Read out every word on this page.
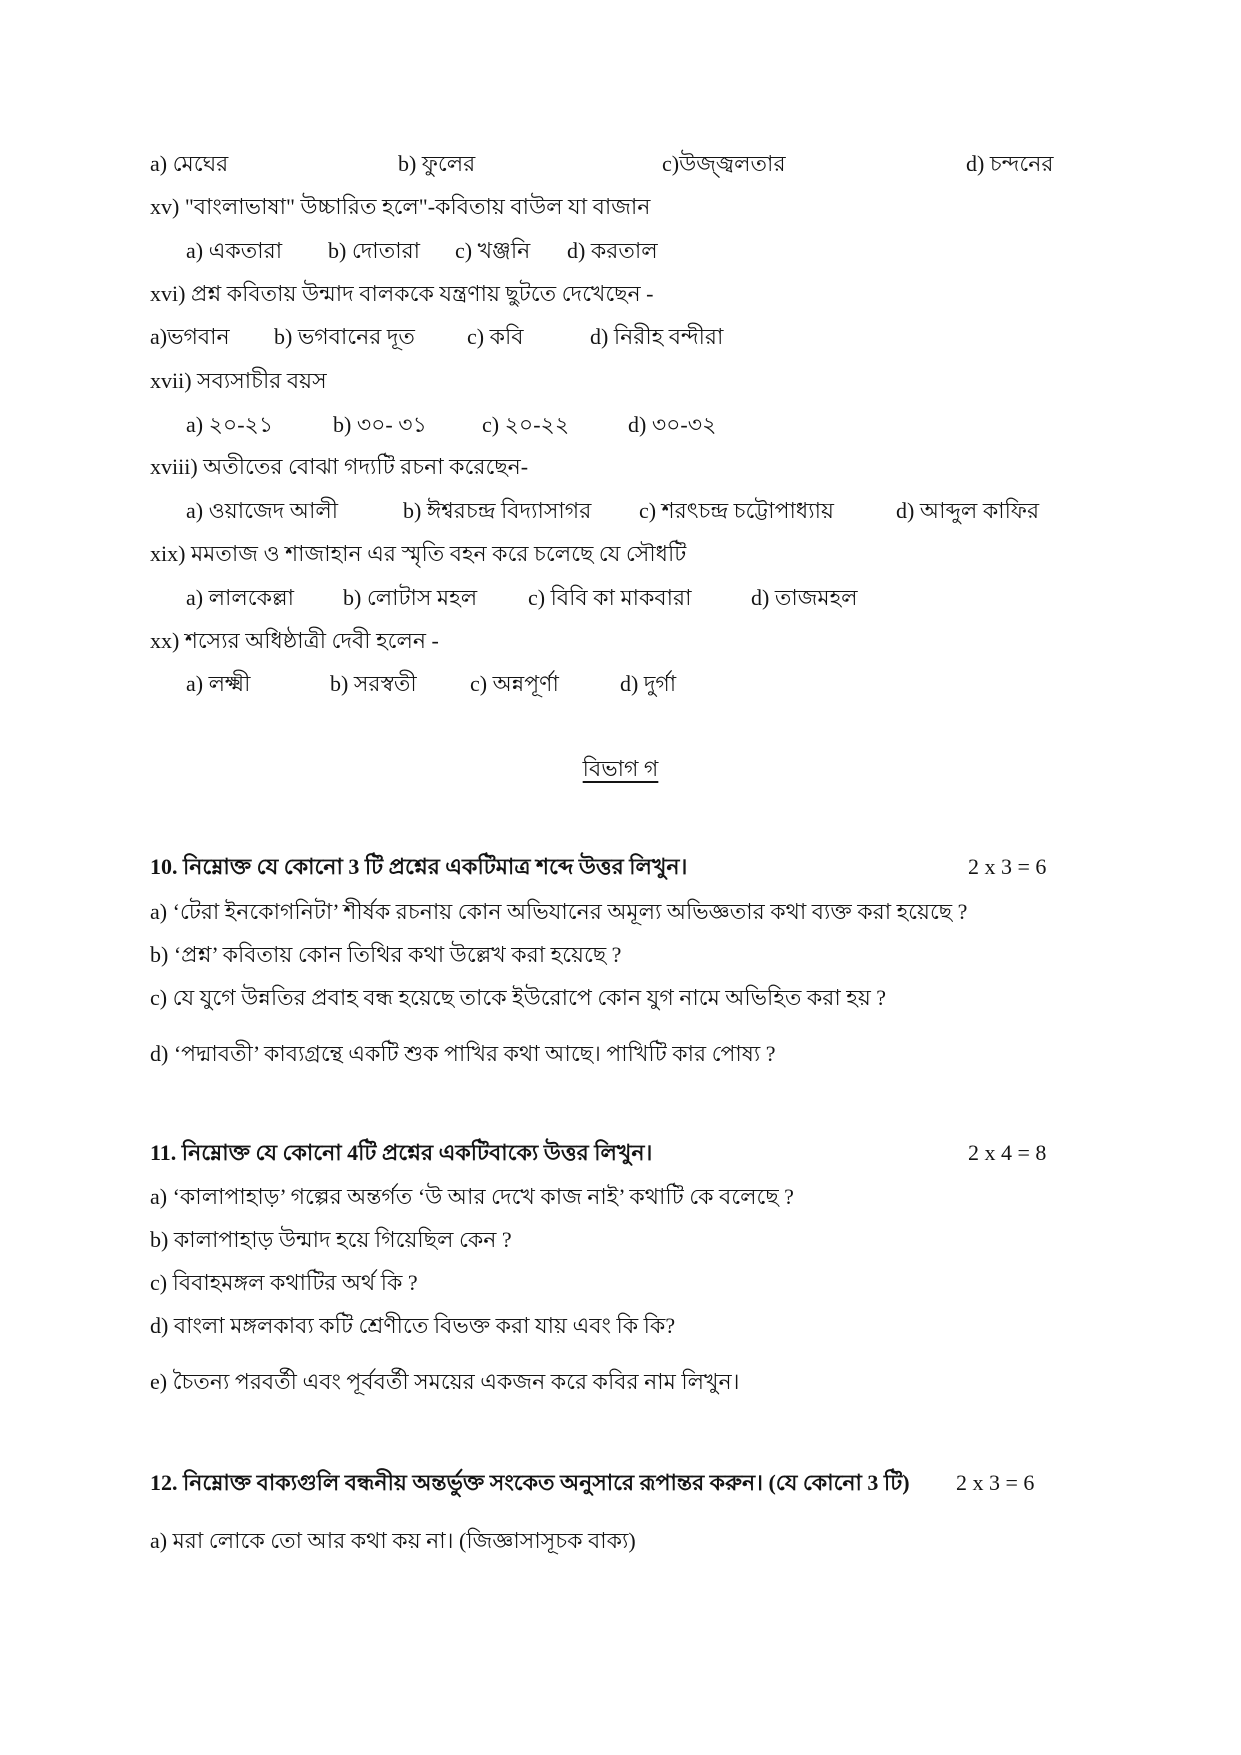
a) মেঘের	b) ফুলের	c)উজ্জ্বলতার	d) চন্দনের
xv) "বাংলাভাষা" উচ্চারিত হলে"-কবিতায় বাউল যা বাজান
a) একতারা b) দোতারা c) খঞ্জনি d) করতাল
xvi) প্রশ্ন কবিতায় উন্মাদ বালককে যন্ত্রণায় ছুটতে দেখেছেন -
a)ভগবান b) ভগবানের দূত c) কবি	d) নিরীহ বন্দীরা
xvii) সব্যসাচীর বয়স
a) ২০-২১	b) ৩০- ৩১	c) ২০-২২	d) ৩০-৩২
xviii) অতীতের বোঝা গদ্যটি রচনা করেছেন-
a) ওয়াজেদ আলী	b) ঈশ্বরচন্দ্র বিদ্যাসাগর c) শরৎচন্দ্র চট্টোপাধ্যায়	d) আব্দুল কাফির
xix) মমতাজ ও শাজাহান এর স্মৃতি বহন করে চলেছে যে সৌধটি
a) লালকেল্লা b) লোটাস মহল c) বিবি কা মাকবারা	d) তাজমহল
xx) শস্যের অধিষ্ঠাত্রী দেবী হলেন -
a) লক্ষ্মী	b) সরস্বতী c) অন্নপূর্ণা	d) দুর্গা
বিভাগ গ
10. নিম্নোক্ত যে কোনো 3 টি প্রশ্নের একটিমাত্র শব্দে উত্তর লিখুন।	2 x 3 = 6
a) ‘টেরা ইনকোগনিটা’ শীর্ষক রচনায় কোন অভিযানের অমূল্য অভিজ্ঞতার কথা ব্যক্ত করা হয়েছে ?
b) ‘প্রশ্ন’ কবিতায় কোন তিথির কথা উল্লেখ করা হয়েছে ?
c) যে যুগে উন্নতির প্রবাহ বন্ধ হয়েছে তাকে ইউরোপে কোন যুগ নামে অভিহিত করা হয় ?
d) ‘পদ্মাবতী’ কাব্যগ্রন্থে একটি শুক পাখির কথা আছে। পাখিটি কার পোষ্য ?
11. নিম্নোক্ত যে কোনো 4টি প্রশ্নের একটিবাক্যে উত্তর লিখুন।	2 x 4 = 8
a) ‘কালাপাহাড়’ গল্পের অন্তর্গত ‘উ আর দেখে কাজ নাই’ কথাটি কে বলেছে ?
b) কালাপাহাড় উন্মাদ হয়ে গিয়েছিল কেন ?
c) বিবাহমঙ্গল কথাটির অর্থ কি ?
d) বাংলা মঙ্গলকাব্য কটি শ্রেণীতে বিভক্ত করা যায় এবং কি কি?
e) চৈতন্য পরবর্তী এবং পূর্ববর্তী সময়ের একজন করে কবির নাম লিখুন।
12. নিম্নোক্ত বাক্যগুলি বন্ধনীয় অন্তর্ভুক্ত সংকেত অনুসারে রূপান্তর করুন। (যে কোনো 3 টি) 2 x 3 = 6
a) মরা লোকে তো আর কথা কয় না। (জিজ্ঞাসাসূচক বাক্য)
